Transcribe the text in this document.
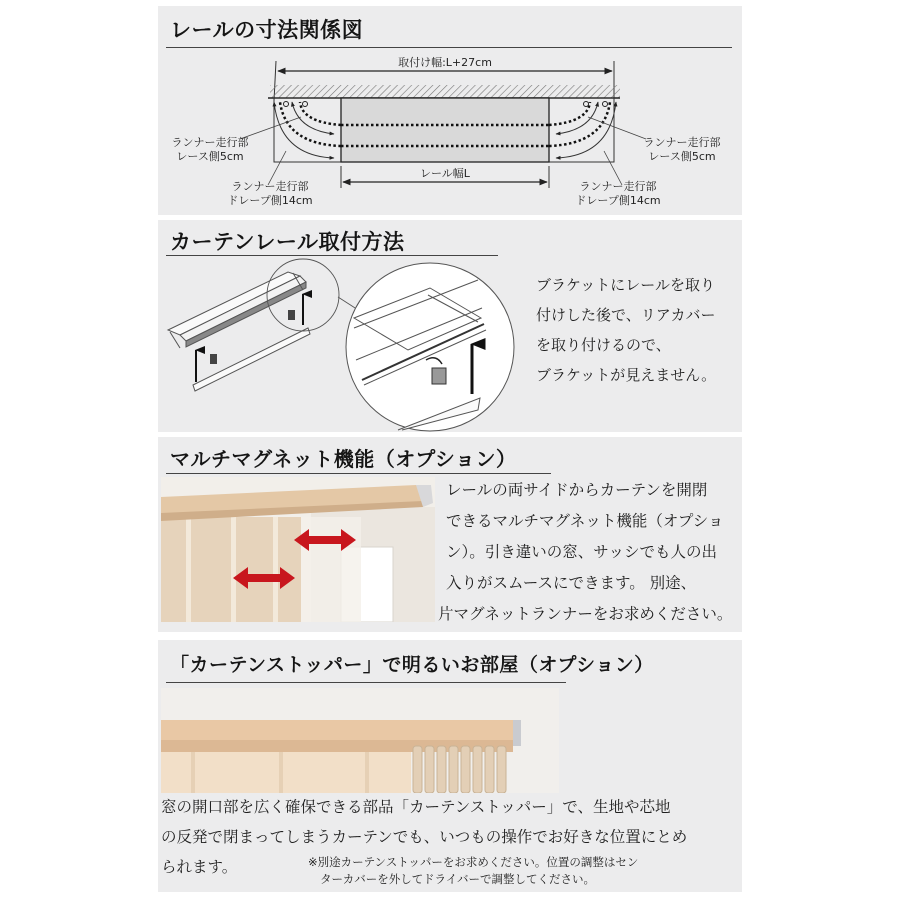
レールの寸法関係図
取付け幅:L+27cm
レール幅L
ランナー走行部
レース側5cm
ランナー走行部
ドレープ側14cm
ランナー走行部
レース側5cm
ランナー走行部
ドレープ側14cm
カーテンレール取付方法
ブラケットにレールを取り
付けした後で、リアカバー
を取り付けるので、
ブラケットが見えません。
マルチマグネット機能（オプション）
レールの両サイドからカーテンを開閉
できるマルチマグネット機能（オプショ
ン）。引き違いの窓、サッシでも人の出
入りがスムースにできます。 別途、
片マグネットランナーをお求めください。
「カーテンストッパー」で明るいお部屋（オプション）
窓の開口部を広く確保できる部品「カーテンストッパー」で、生地や芯地
の反発で閉まってしまうカーテンでも、いつもの操作でお好きな位置にとめ
られます。	※別途カーテンストッパーをお求めください。位置の調整はセン
ターカバーを外してドライバーで調整してください。
